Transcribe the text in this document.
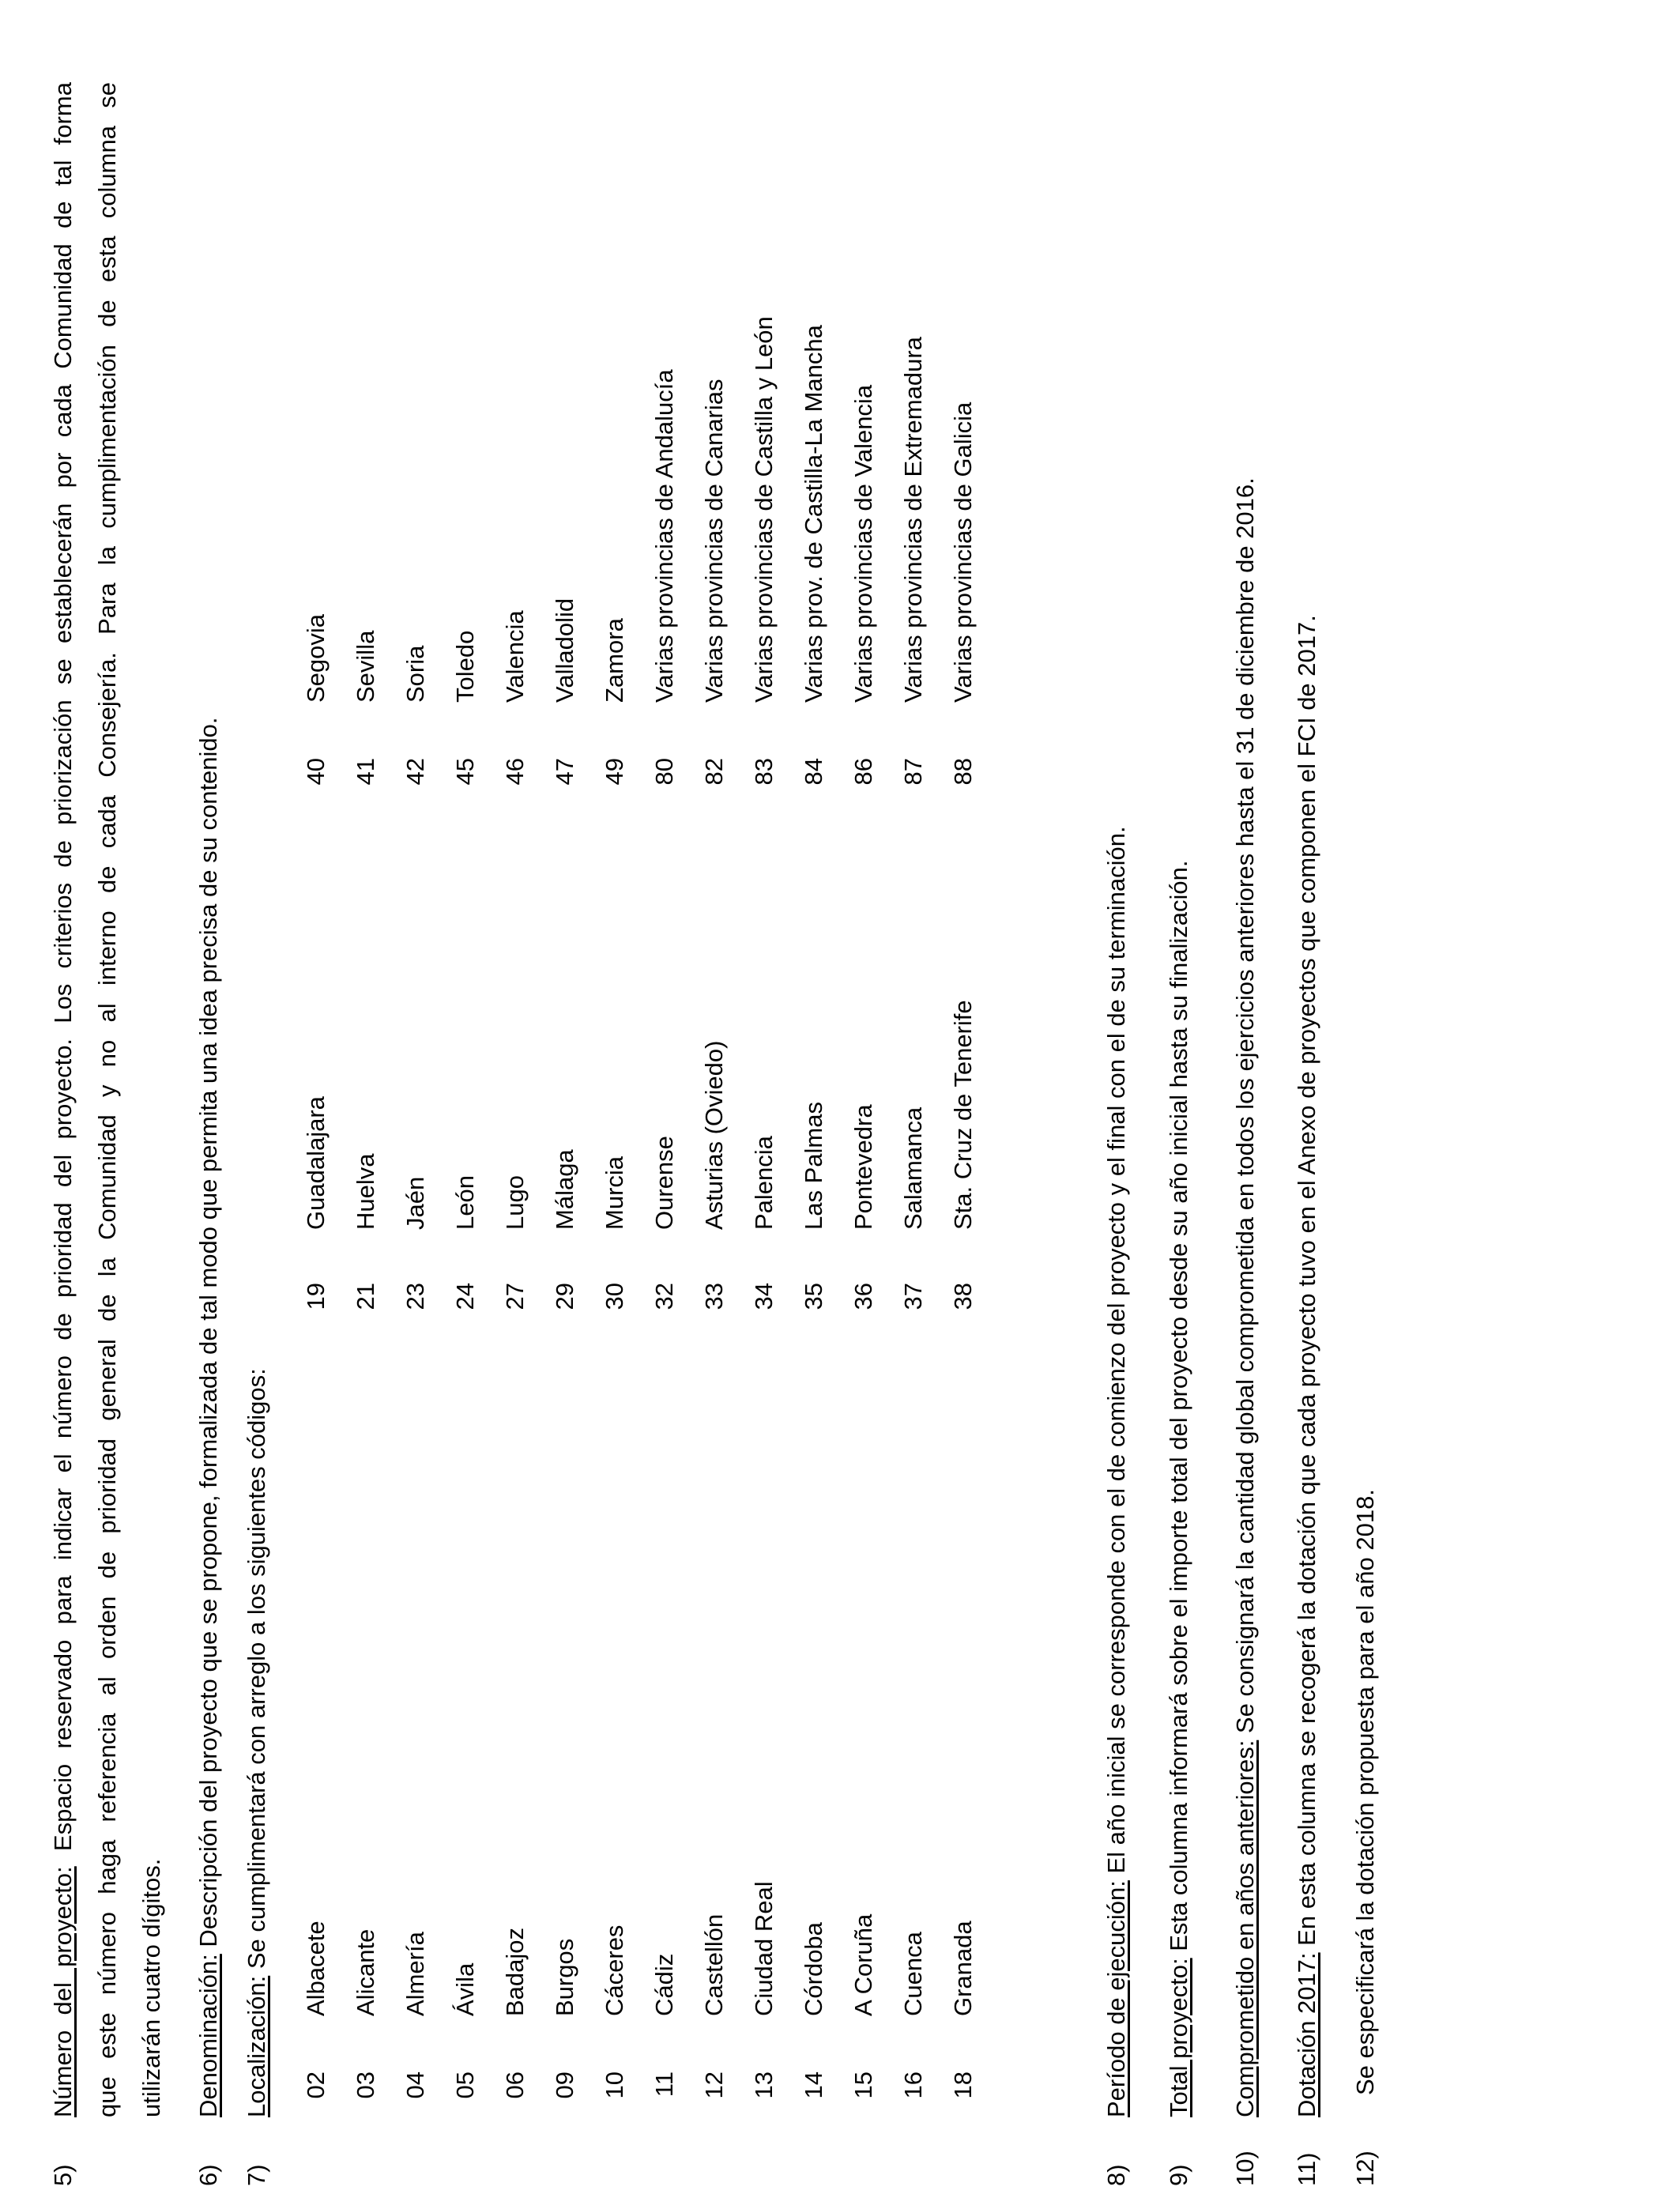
5)
Número del proyecto: Espacio reservado para indicar el número de prioridad del proyecto. Los criterios de priorización se establecerán por cada Comunidad de tal forma que este número haga referencia al orden de prioridad general de la Comunidad y no al interno de cada Consejería. Para la cumplimentación de esta columna se utilizarán cuatro dígitos.
6)
Denominación: Descripción del proyecto que se propone, formalizada de tal modo que permita una idea precisa de su contenido.
7)
Localización: Se cumplimentará con arreglo a los siguientes códigos:
02
Albacete
19
Guadalajara
40
Segovia
03
Alicante
21
Huelva
41
Sevilla
04
Almería
23
Jaén
42
Soria
05
Ávila
24
León
45
Toledo
06
Badajoz
27
Lugo
46
Valencia
09
Burgos
29
Málaga
47
Valladolid
10
Cáceres
30
Murcia
49
Zamora
11
Cádiz
32
Ourense
80
Varias provincias de Andalucía
12
Castellón
33
Asturias (Oviedo)
82
Varias provincias de Canarias
13
Ciudad Real
34
Palencia
83
Varias provincias de Castilla y León
14
Córdoba
35
Las Palmas
84
Varias prov. de Castilla-La Mancha
15
A Coruña
36
Pontevedra
86
Varias provincias de Valencia
16
Cuenca
37
Salamanca
87
Varias provincias de Extremadura
18
Granada
38
Sta. Cruz de Tenerife
88
Varias provincias de Galicia
8)
Período de ejecución: El año inicial se corresponde con el de comienzo del proyecto y el final con el de su terminación.
9)
Total proyecto: Esta columna informará sobre el importe total del proyecto desde su año inicial hasta su finalización.
10)
Comprometido en años anteriores: Se consignará la cantidad global comprometida en todos los ejercicios anteriores hasta el 31 de diciembre de 2016.
11)
Dotación 2017: En esta columna se recogerá la dotación que cada proyecto tuvo en el Anexo de proyectos que componen el FCI de 2017.
12)
Se especificará la dotación propuesta para el año 2018.
